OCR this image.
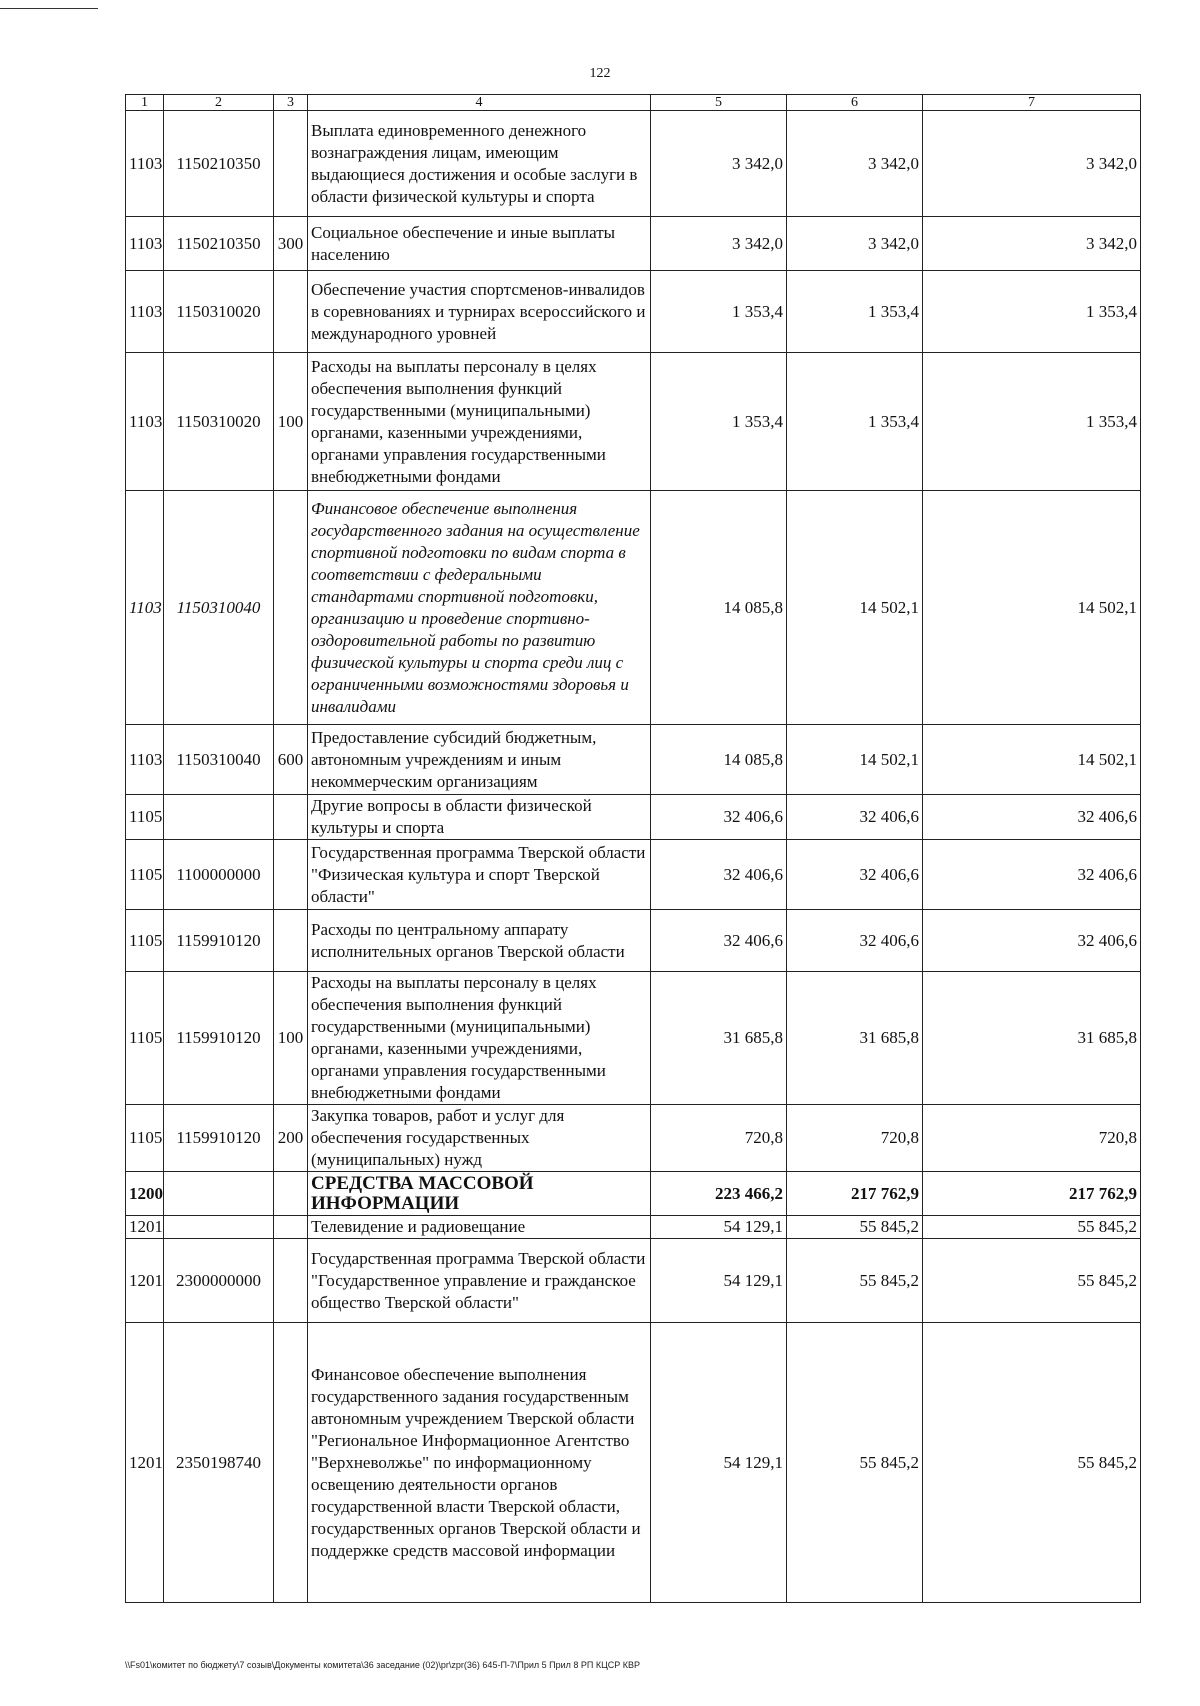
122
1	2	3	4	5	6	7
1103	1150210350		Выплата единовременного денежного вознаграждения лицам, имеющим выдающиеся достижения и особые заслуги в области физической культуры и спорта	3 342,0	3 342,0	3 342,0
1103	1150210350	300	Социальное обеспечение и иные выплаты населению	3 342,0	3 342,0	3 342,0
1103	1150310020		Обеспечение участия спортсменов-инвалидов в соревнованиях и турнирах всероссийского и международного уровней	1 353,4	1 353,4	1 353,4
1103	1150310020	100	Расходы на выплаты персоналу в целях обеспечения выполнения функций государственными (муниципальными) органами, казенными учреждениями, органами управления государственными внебюджетными фондами	1 353,4	1 353,4	1 353,4
1103	1150310040		Финансовое обеспечение выполнения государственного задания на осуществление спортивной подготовки по видам спорта в соответствии с федеральными стандартами спортивной подготовки, организацию и проведение спортивно-оздоровительной работы по развитию физической культуры и спорта среди лиц с ограниченными возможностями здоровья и инвалидами	14 085,8	14 502,1	14 502,1
1103	1150310040	600	Предоставление субсидий бюджетным, автономным учреждениям и иным некоммерческим организациям	14 085,8	14 502,1	14 502,1
1105			Другие вопросы в области физической культуры и спорта	32 406,6	32 406,6	32 406,6
1105	1100000000		Государственная программа Тверской области "Физическая культура и спорт Тверской области"	32 406,6	32 406,6	32 406,6
1105	1159910120		Расходы по центральному аппарату исполнительных органов Тверской области	32 406,6	32 406,6	32 406,6
1105	1159910120	100	Расходы на выплаты персоналу в целях обеспечения выполнения функций государственными (муниципальными) органами, казенными учреждениями, органами управления государственными внебюджетными фондами	31 685,8	31 685,8	31 685,8
1105	1159910120	200	Закупка товаров, работ и услуг для обеспечения государственных (муниципальных) нужд	720,8	720,8	720,8
1200			СРЕДСТВА МАССОВОЙ ИНФОРМАЦИИ	223 466,2	217 762,9	217 762,9
1201			Телевидение и радиовещание	54 129,1	55 845,2	55 845,2
1201	2300000000		Государственная программа Тверской области "Государственное управление и гражданское общество Тверской области"	54 129,1	55 845,2	55 845,2
1201	2350198740		Финансовое обеспечение выполнения государственного задания государственным автономным учреждением Тверской области "Региональное Информационное Агентство "Верхневолжье" по информационному освещению деятельности органов государственной власти Тверской области, государственных органов Тверской области и поддержке средств массовой информации	54 129,1	55 845,2	55 845,2
\\Fs01\комитет по бюджету\7 созыв\Документы комитета\36 заседание (02)\pr\zpr(36) 645-П-7\Прил 5 Прил 8 РП КЦСР КВР
